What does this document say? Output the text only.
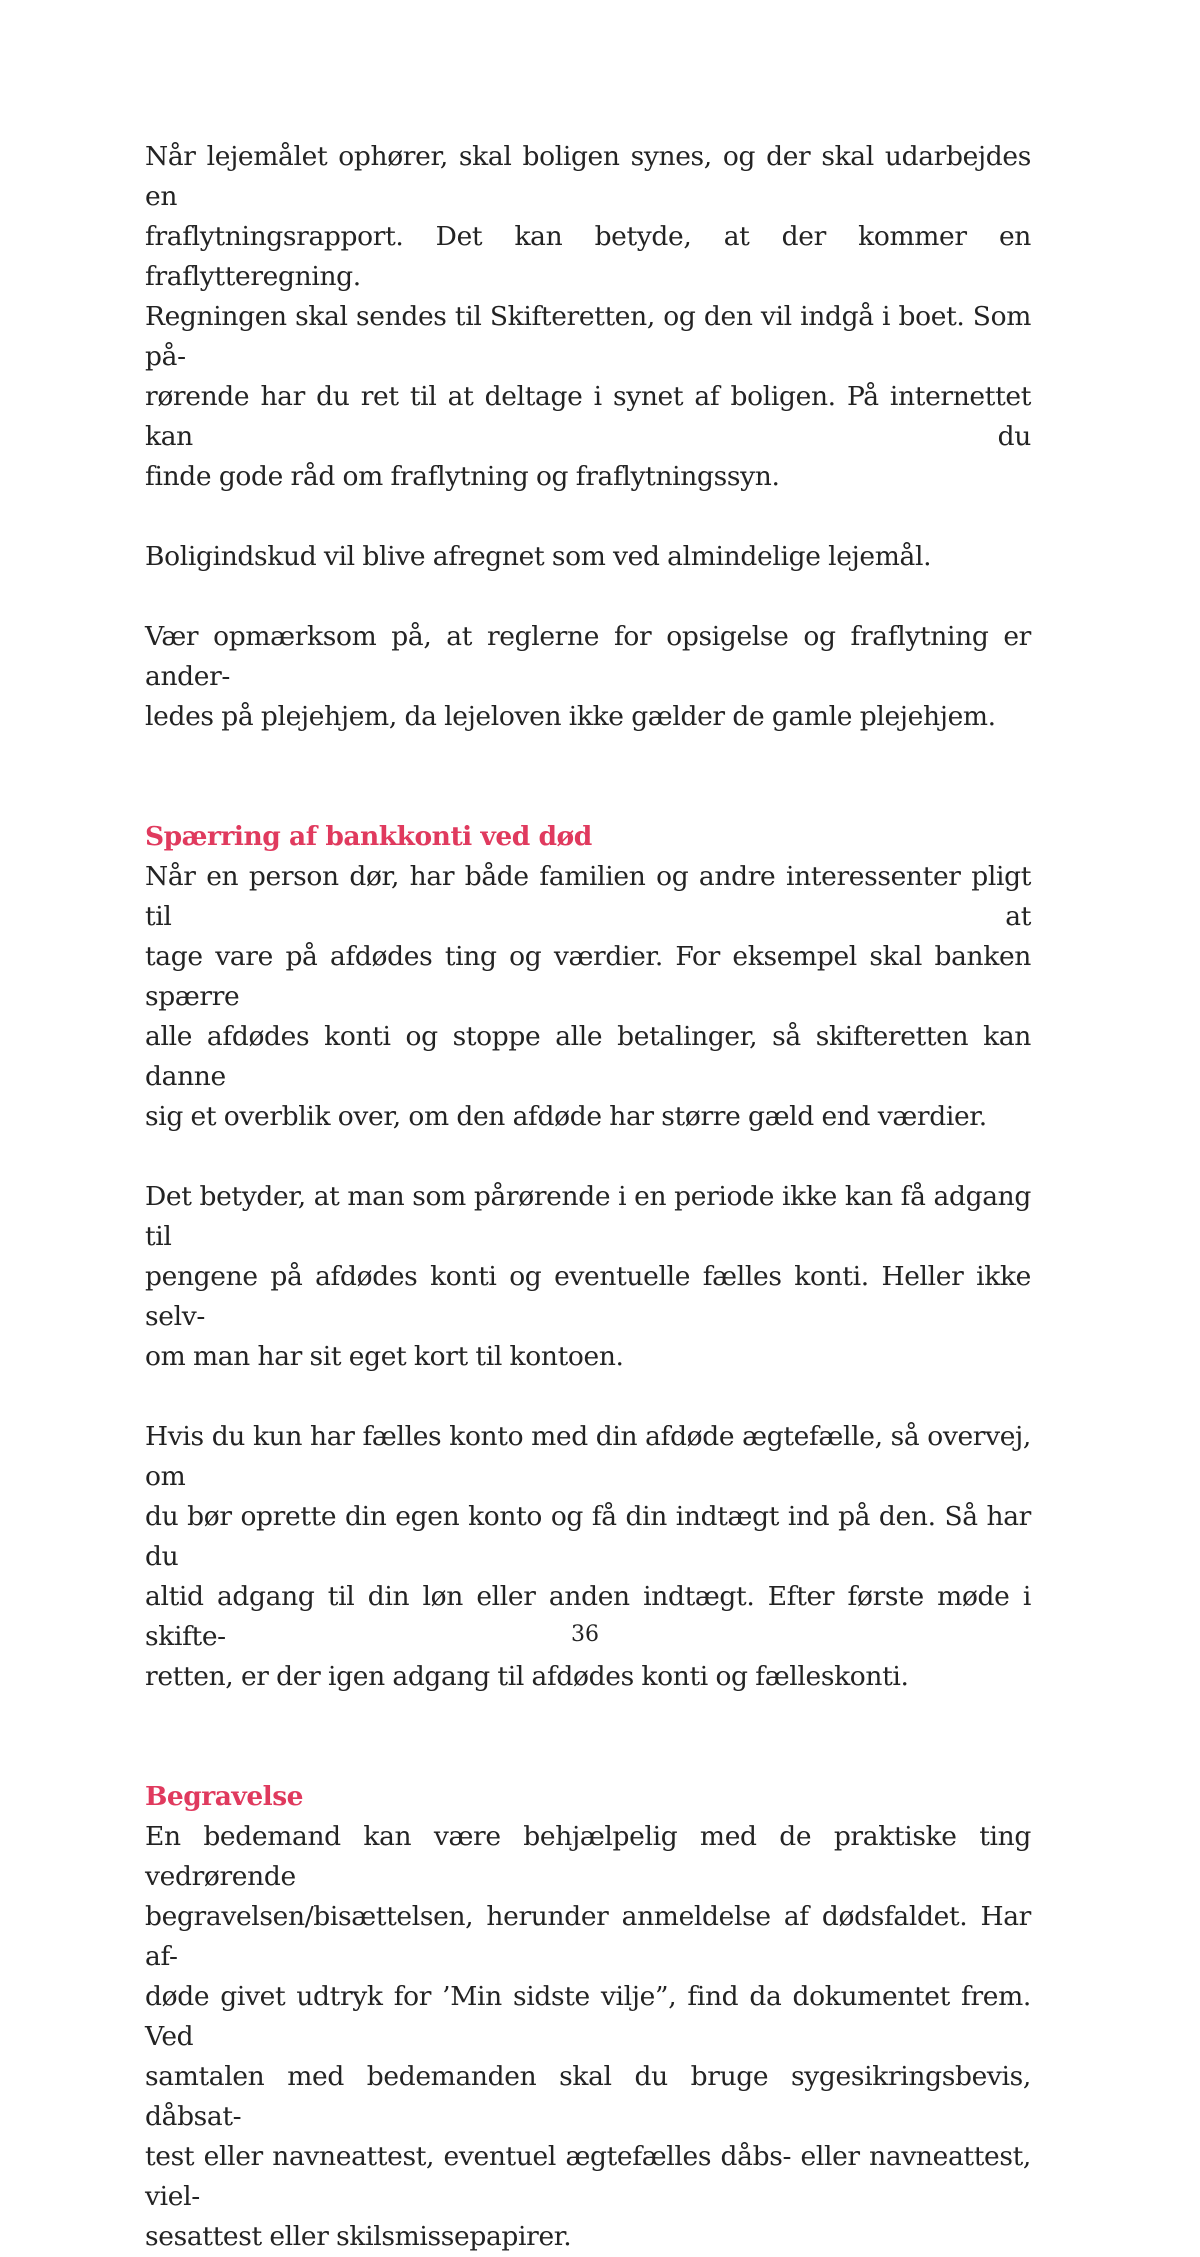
Når lejemålet ophører, skal boligen synes, og der skal udarbejdes en
fraflytningsrapport. Det kan betyde, at der kommer en fraflytteregning.
Regningen skal sendes til Skifteretten, og den vil indgå i boet. Som på-
rørende har du ret til at deltage i synet af boligen. På internettet kan du
finde gode råd om fraflytning og fraflytningssyn.

Boligindskud vil blive afregnet som ved almindelige lejemål.

Vær opmærksom på, at reglerne for opsigelse og fraflytning er ander-
ledes på plejehjem, da lejeloven ikke gælder de gamle plejehjem.

Spærring af bankkonti ved død

Når en person dør, har både familien og andre interessenter pligt til at
tage vare på afdødes ting og værdier. For eksempel skal banken spærre
alle afdødes konti og stoppe alle betalinger, så skifteretten kan danne
sig et overblik over, om den afdøde har større gæld end værdier.

Det betyder, at man som pårørende i en periode ikke kan få adgang til
pengene på afdødes konti og eventuelle fælles konti. Heller ikke selv-
om man har sit eget kort til kontoen.

Hvis du kun har fælles konto med din afdøde ægtefælle, så overvej, om
du bør oprette din egen konto og få din indtægt ind på den. Så har du
altid adgang til din løn eller anden indtægt. Efter første møde i skifte-
retten, er der igen adgang til afdødes konti og fælleskonti.

Begravelse

En bedemand kan være behjælpelig med de praktiske ting vedrørende
begravelsen/bisættelsen, herunder anmeldelse af dødsfaldet. Har af-
døde givet udtryk for ’Min sidste vilje”, find da dokumentet frem. Ved
samtalen med bedemanden skal du bruge sygesikringsbevis, dåbsat-
test eller navneattest, eventuel ægtefælles dåbs- eller navneattest, viel-
sesattest eller skilsmissepapirer.

36
